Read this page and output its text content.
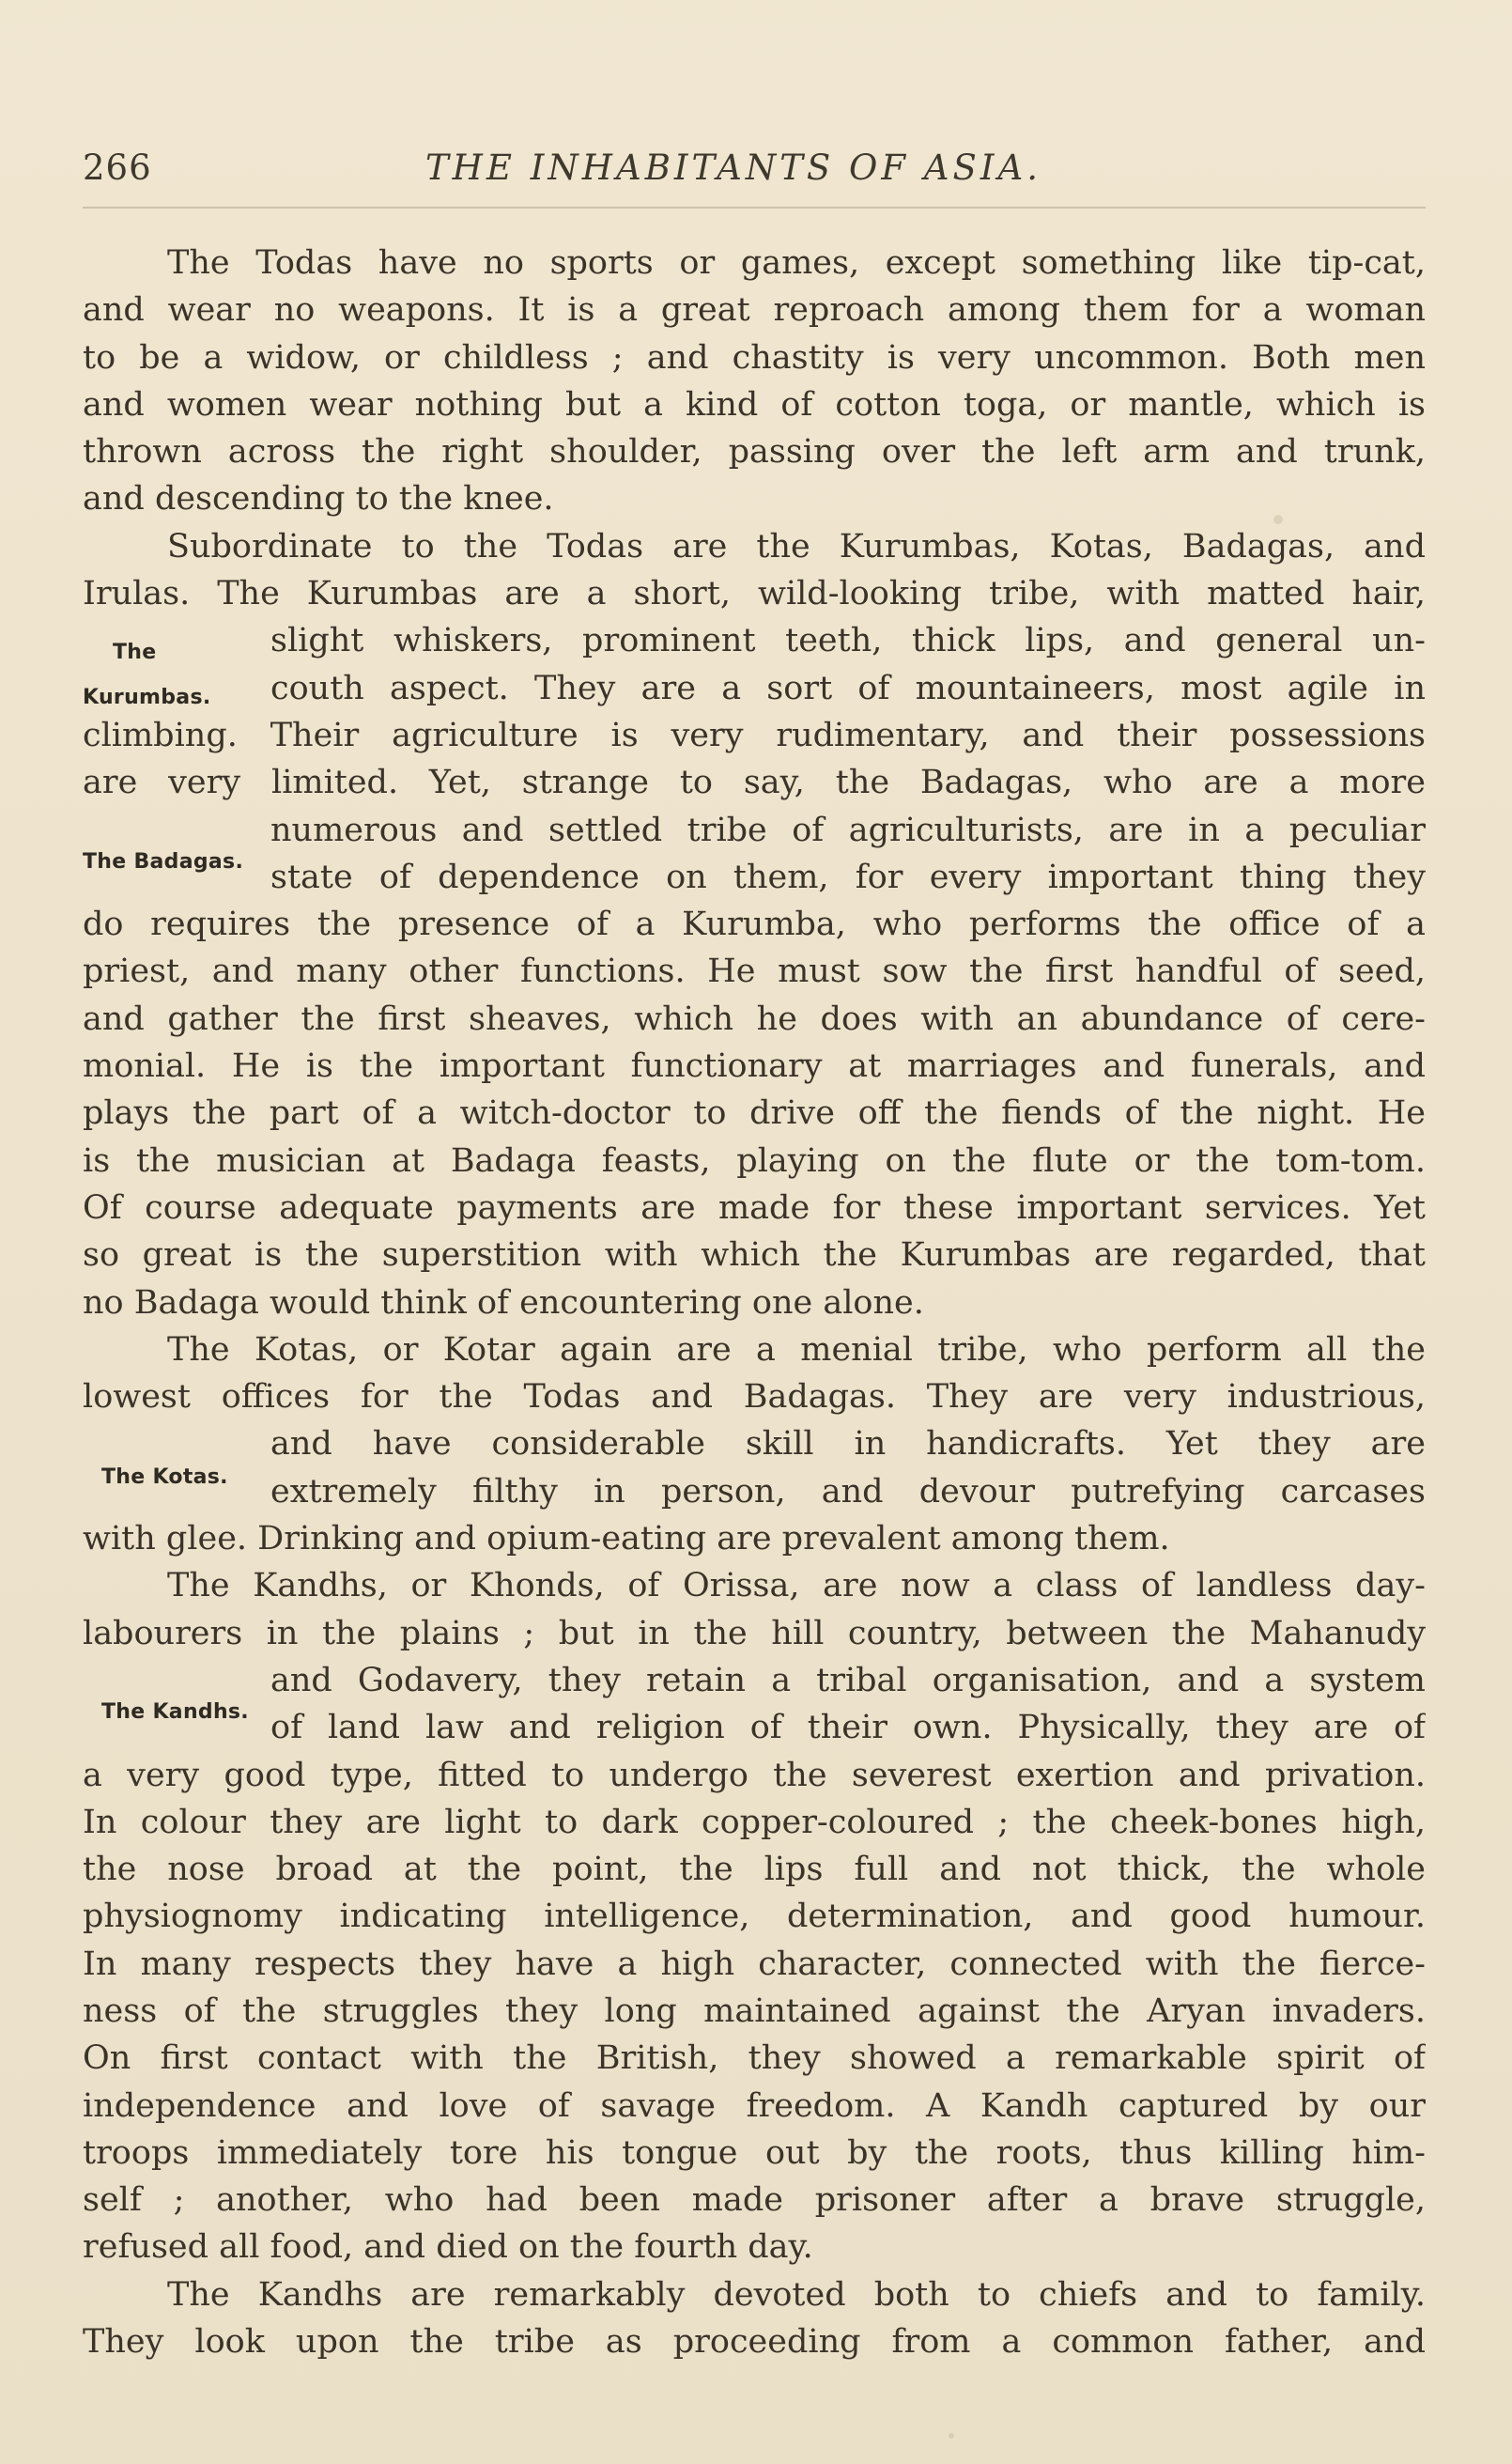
266	THE INHABITANTS OF ASIA.
The
Kurumbas.
The Badagas.
The Kotas.
The Kandhs.
The Todas have no sports or games, except something like tip-cat,
and wear no weapons. It is a great reproach among them for a woman
to be a widow, or childless ; and chastity is very uncommon. Both men
and women wear nothing but a kind of cotton toga, or mantle, which is
thrown across the right shoulder, passing over the left arm and trunk,
and descending to the knee.
Subordinate to the Todas are the Kurumbas, Kotas, Badagas, and
Irulas. The Kurumbas are a short, wild-looking tribe, with matted hair,
slight whiskers, prominent teeth, thick lips, and general un-
couth aspect. They are a sort of mountaineers, most agile in
climbing. Their agriculture is very rudimentary, and their possessions
are very limited. Yet, strange to say, the Badagas, who are a more
numerous and settled tribe of agriculturists, are in a peculiar
state of dependence on them, for every important thing they
do requires the presence of a Kurumba, who performs the office of a
priest, and many other functions. He must sow the first handful of seed,
and gather the first sheaves, which he does with an abundance of cere-
monial. He is the important functionary at marriages and funerals, and
plays the part of a witch-doctor to drive off the fiends of the night. He
is the musician at Badaga feasts, playing on the flute or the tom-tom.
Of course adequate payments are made for these important services. Yet
so great is the superstition with which the Kurumbas are regarded, that
no Badaga would think of encountering one alone.
The Kotas, or Kotar again are a menial tribe, who perform all the
lowest offices for the Todas and Badagas. They are very industrious,
and have considerable skill in handicrafts. Yet they are
extremely filthy in person, and devour putrefying carcases
with glee. Drinking and opium-eating are prevalent among them.
The Kandhs, or Khonds, of Orissa, are now a class of landless day-
labourers in the plains ; but in the hill country, between the Mahanudy
and Godavery, they retain a tribal organisation, and a system
of land law and religion of their own. Physically, they are of
a very good type, fitted to undergo the severest exertion and privation.
In colour they are light to dark copper-coloured ; the cheek-bones high,
the nose broad at the point, the lips full and not thick, the whole
physiognomy indicating intelligence, determination, and good humour.
In many respects they have a high character, connected with the fierce-
ness of the struggles they long maintained against the Aryan invaders.
On first contact with the British, they showed a remarkable spirit of
independence and love of savage freedom. A Kandh captured by our
troops immediately tore his tongue out by the roots, thus killing him-
self ; another, who had been made prisoner after a brave struggle,
refused all food, and died on the fourth day.
The Kandhs are remarkably devoted both to chiefs and to family.
They look upon the tribe as proceeding from a common father, and
